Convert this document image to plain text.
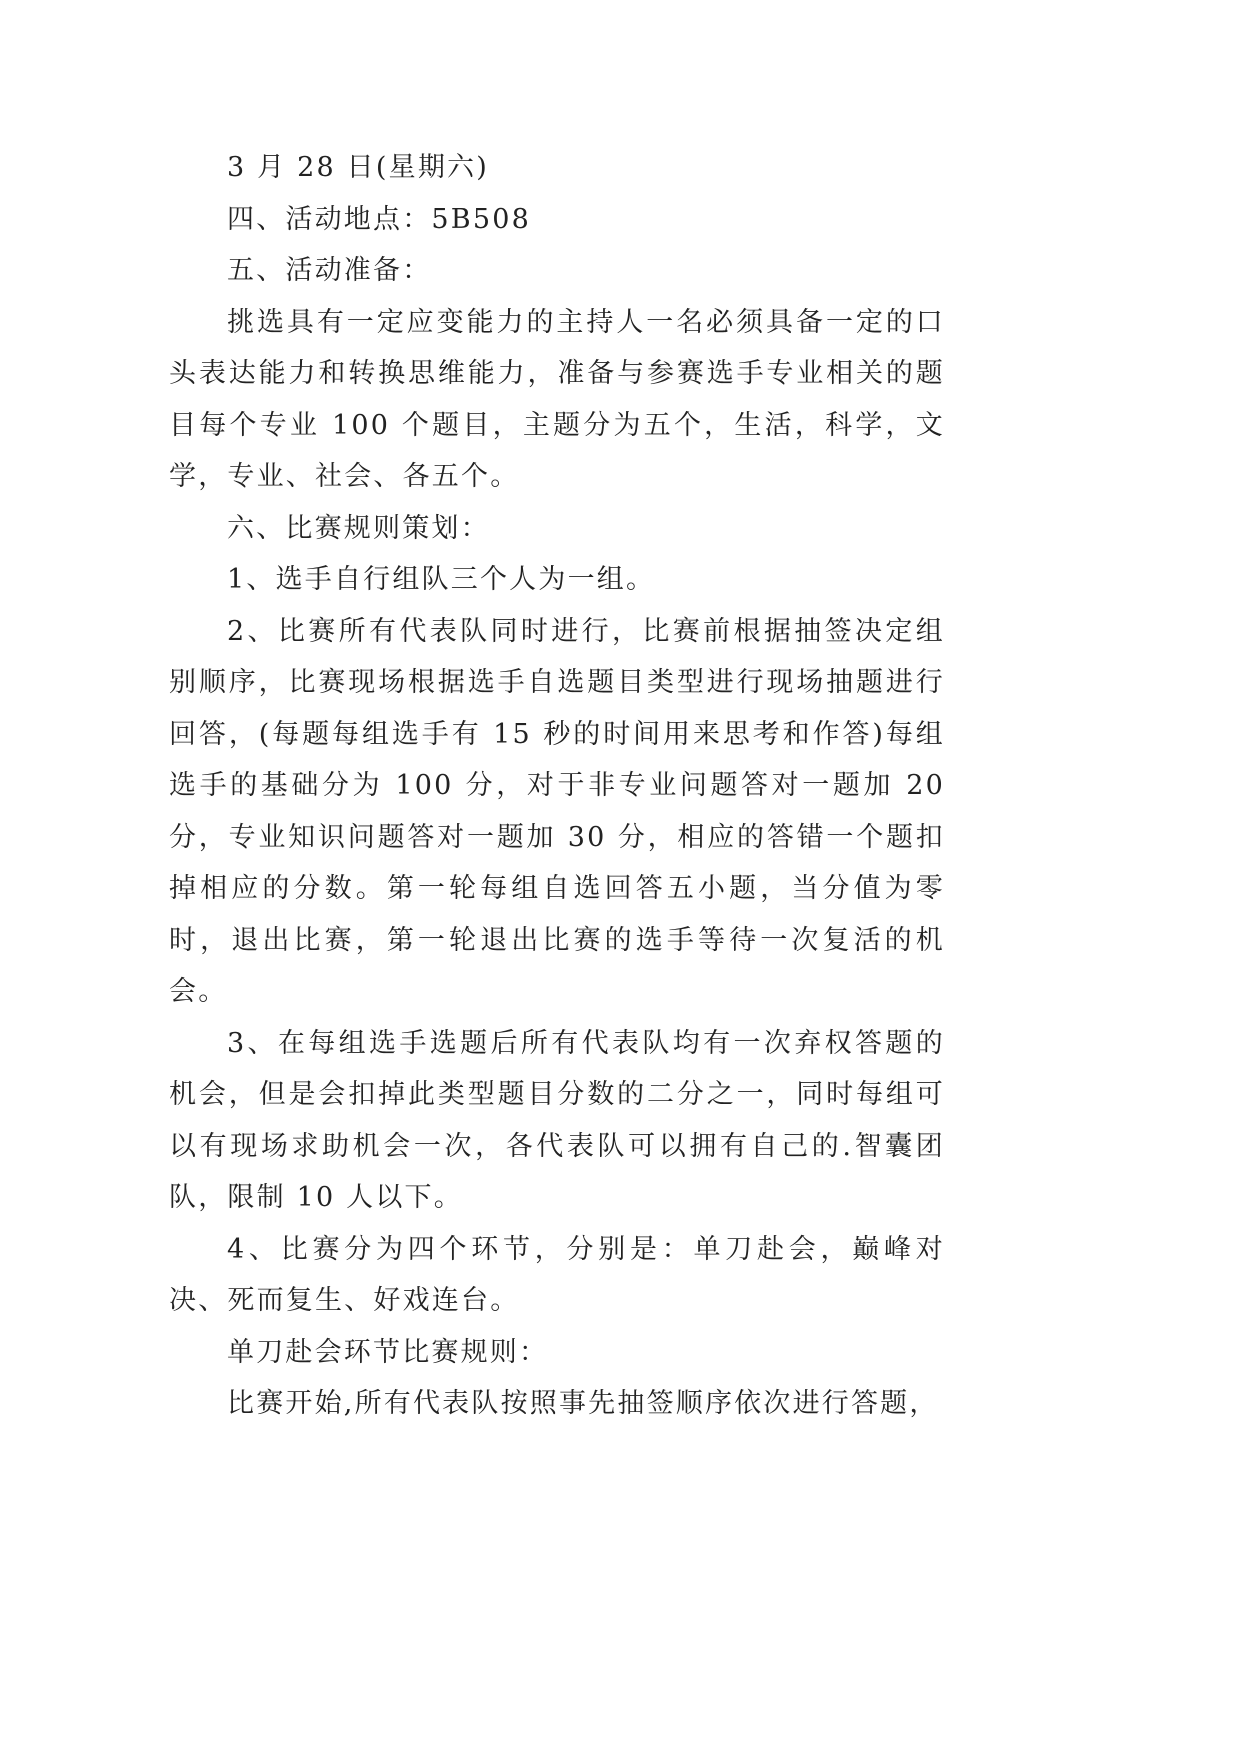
3 月 28 日(星期六)

四、活动地点：5B508

五、活动准备：

挑选具有一定应变能力的主持人一名必须具备一定的口头表达能力和转换思维能力，准备与参赛选手专业相关的题目每个专业 100 个题目，主题分为五个，生活，科学，文学，专业、社会、各五个。

六、比赛规则策划：

1、选手自行组队三个人为一组。

2、比赛所有代表队同时进行，比赛前根据抽签决定组别顺序，比赛现场根据选手自选题目类型进行现场抽题进行回答，(每题每组选手有 15 秒的时间用来思考和作答)每组选手的基础分为 100 分，对于非专业问题答对一题加 20 分，专业知识问题答对一题加 30 分，相应的答错一个题扣掉相应的分数。第一轮每组自选回答五小题，当分值为零时，退出比赛，第一轮退出比赛的选手等待一次复活的机会。

3、在每组选手选题后所有代表队均有一次弃权答题的机会，但是会扣掉此类型题目分数的二分之一，同时每组可以有现场求助机会一次，各代表队可以拥有自己的.智囊团队，限制 10 人以下。

4、比赛分为四个环节，分别是：单刀赴会，巅峰对决、死而复生、好戏连台。

单刀赴会环节比赛规则：

比赛开始,所有代表队按照事先抽签顺序依次进行答题，
